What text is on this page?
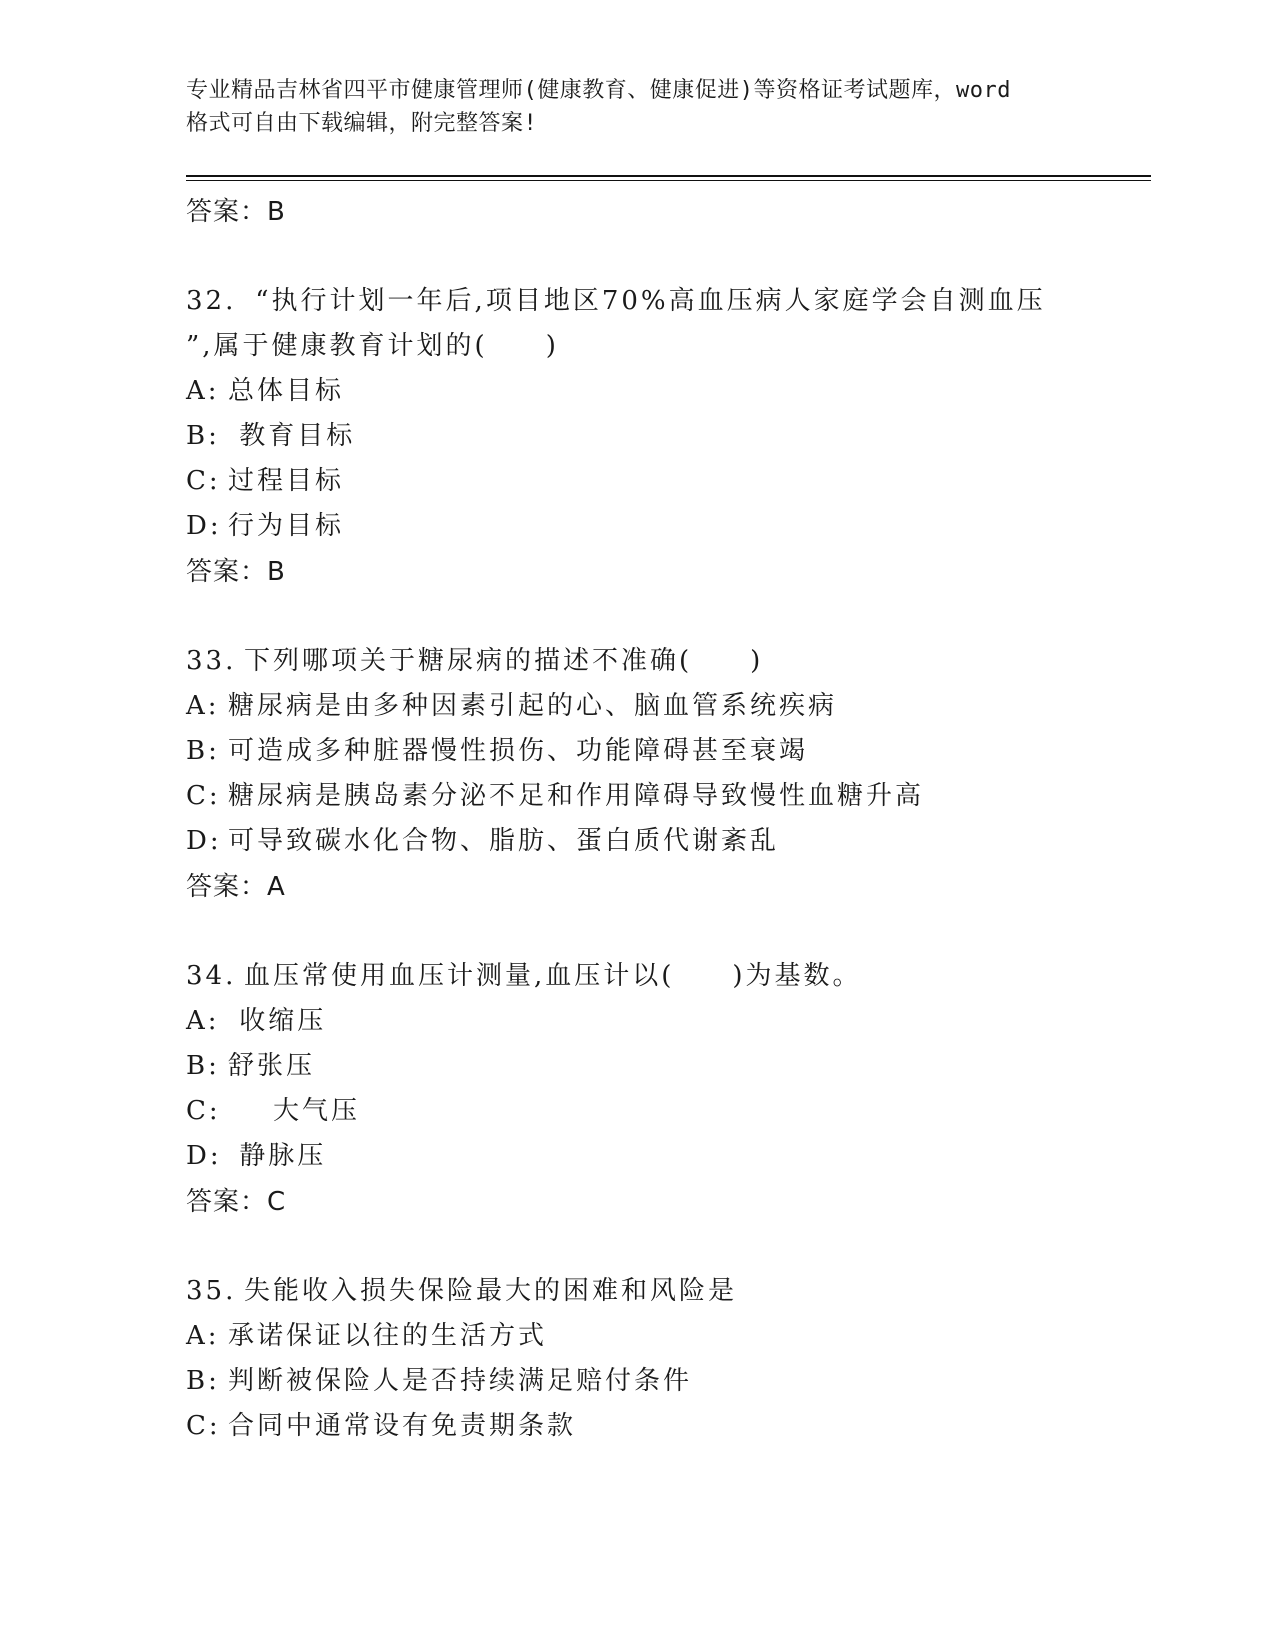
专业精品吉林省四平市健康管理师(健康教育、健康促进)等资格证考试题库，word
格式可自由下载编辑，附完整答案!
答案：B
32. “执行计划一年后,项目地区70%高血压病人家庭学会自测血压
”,属于健康教育计划的(　　)
A: 总体目标
B: 教育目标
C: 过程目标
D: 行为目标
答案：B
33. 下列哪项关于糖尿病的描述不准确(　　)
A: 糖尿病是由多种因素引起的心、脑血管系统疾病
B: 可造成多种脏器慢性损伤、功能障碍甚至衰竭
C: 糖尿病是胰岛素分泌不足和作用障碍导致慢性血糖升高
D: 可导致碳水化合物、脂肪、蛋白质代谢紊乱
答案：A
34. 血压常使用血压计测量,血压计以(　　)为基数。
A: 收缩压
B: 舒张压
C:    大气压
D: 静脉压
答案：C
35. 失能收入损失保险最大的困难和风险是
A: 承诺保证以往的生活方式
B: 判断被保险人是否持续满足赔付条件
C: 合同中通常设有免责期条款
